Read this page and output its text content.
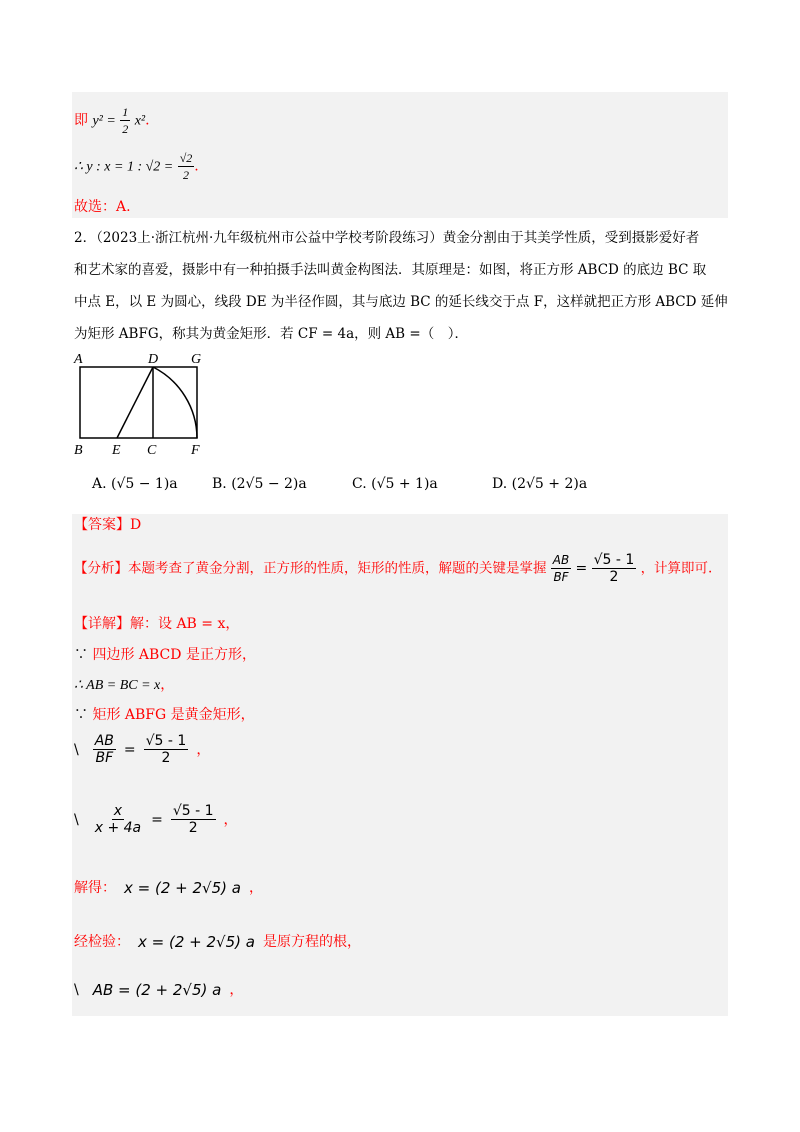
即 $y^2 = \frac{1}{2} x^2$.
∴ y : x = 1 : $√2 = \frac{√2}{2}$ .
故选：A.
2．（2023上·浙江杭州·九年级杭州市公益中学校考阶段练习）黄金分割由于其美学性质，受到摄影爱好者
和艺术家的喜爱，摄影中有一种拍摄手法叫黄金构图法．其原理是：如图，将正方形 ABCD 的底边 BC 取
中点 E，以 E 为圆心，线段 DE 为半径作圆，其与底边 BC 的延长线交于点 F，这样就把正方形 ABCD 延伸
为矩形 ABFG，称其为黄金矩形．若 CF = 4a，则 AB =（　）．
A	D G
B E C F
A. (√5 − 1)a B. (2√5 − 2)a	C. (√5 + 1)a	D. (2√5 + 2)a
【答案】D
【分析】本题考查了黄金分割，正方形的性质，矩形的性质，解题的关键是掌握 $\frac{AB}{BF} = \frac{√5 - 1}{2}$ ，计算即可.
【详解】解：设 AB = x，
∵ 四边形 ABCD 是正方形，
∴ AB = BC = x，
∵ 矩形 ABFG 是黄金矩形，
\ $\frac{AB}{BF} = \frac{√5 - 1}{2}$ ，
\ $\frac{x}{x + 4a} = \frac{√5 - 1}{2}$ ，
解得： x = (2 + 2√5) a ，
经检验： x = (2 + 2√5) a 是原方程的根，
\ AB = (2 + 2√5) a ，
